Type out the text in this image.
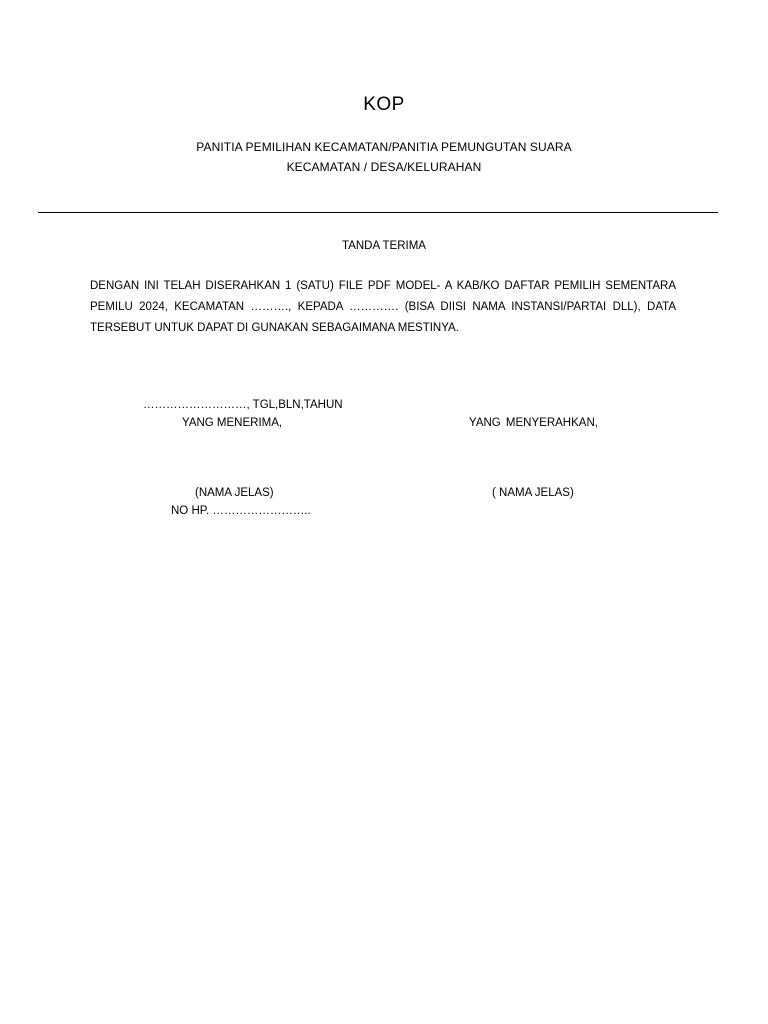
KOP
PANITIA PEMILIHAN KECAMATAN/PANITIA PEMUNGUTAN SUARA
KECAMATAN / DESA/KELURAHAN
TANDA TERIMA
DENGAN INI TELAH DISERAHKAN 1 (SATU) FILE PDF MODEL- A KAB/KO DAFTAR PEMILIH SEMENTARA PEMILU 2024, KECAMATAN ………., KEPADA …………. (BISA DIISI NAMA INSTANSI/PARTAI DLL), DATA TERSEBUT UNTUK DAPAT DI GUNAKAN SEBAGAIMANA MESTINYA.
………………………, TGL,BLN,TAHUN
YANG MENERIMA,	YANG MENYERAHKAN,
(NAMA JELAS)	( NAMA JELAS)
NO HP. ……………………..
